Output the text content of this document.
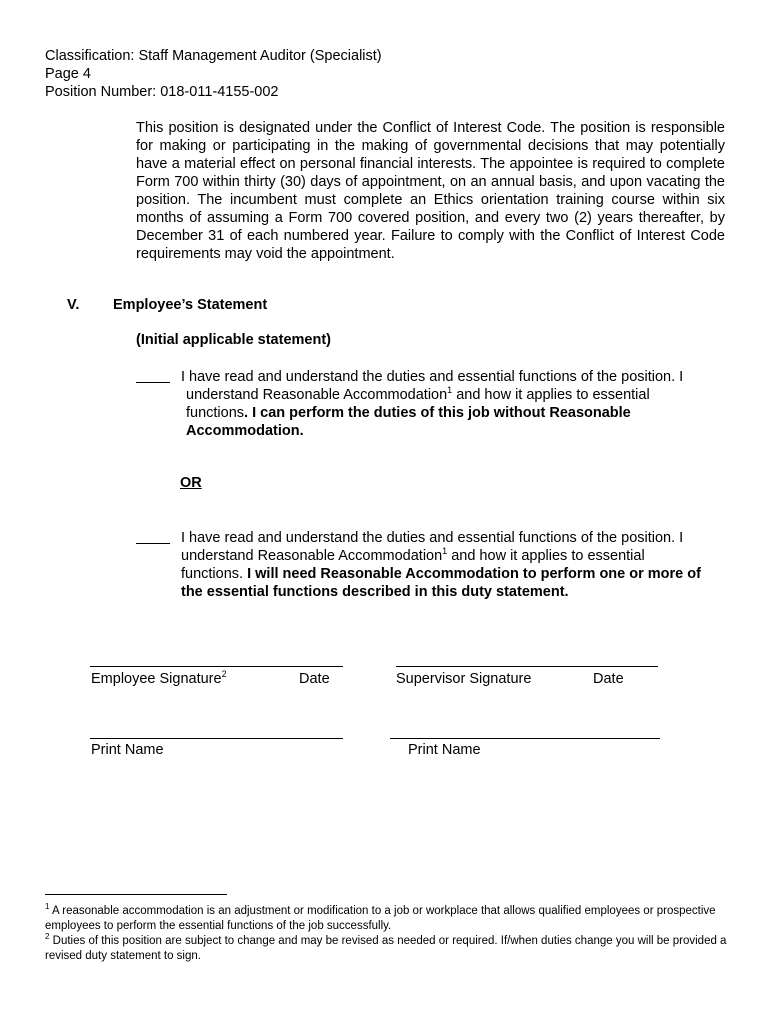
Classification: Staff Management Auditor (Specialist)
Page 4
Position Number: 018-011-4155-002
This position is designated under the Conflict of Interest Code. The position is responsible for making or participating in the making of governmental decisions that may potentially have a material effect on personal financial interests. The appointee is required to complete Form 700 within thirty (30) days of appointment, on an annual basis, and upon vacating the position. The incumbent must complete an Ethics orientation training course within six months of assuming a Form 700 covered position, and every two (2) years thereafter, by December 31 of each numbered year. Failure to comply with the Conflict of Interest Code requirements may void the appointment.
V. Employee’s Statement
(Initial applicable statement)
I have read and understand the duties and essential functions of the position. I
understand Reasonable Accommodation$^1$ and how it applies to essential
functions. I can perform the duties of this job without Reasonable Accommodation.
OR
I have read and understand the duties and essential functions of the position. I
understand Reasonable Accommodation$^1$ and how it applies to essential
functions. I will need Reasonable Accommodation to perform one or more of the essential functions described in this duty statement.
Employee Signature$^2$	Date	Supervisor Signature	Date
Print Name	Print Name
$^1$ A reasonable accommodation is an adjustment or modification to a job or workplace that allows qualified employees or prospective employees to perform the essential functions of the job successfully.
$^2$ Duties of this position are subject to change and may be revised as needed or required. If/when duties change you will be provided a revised duty statement to sign.
